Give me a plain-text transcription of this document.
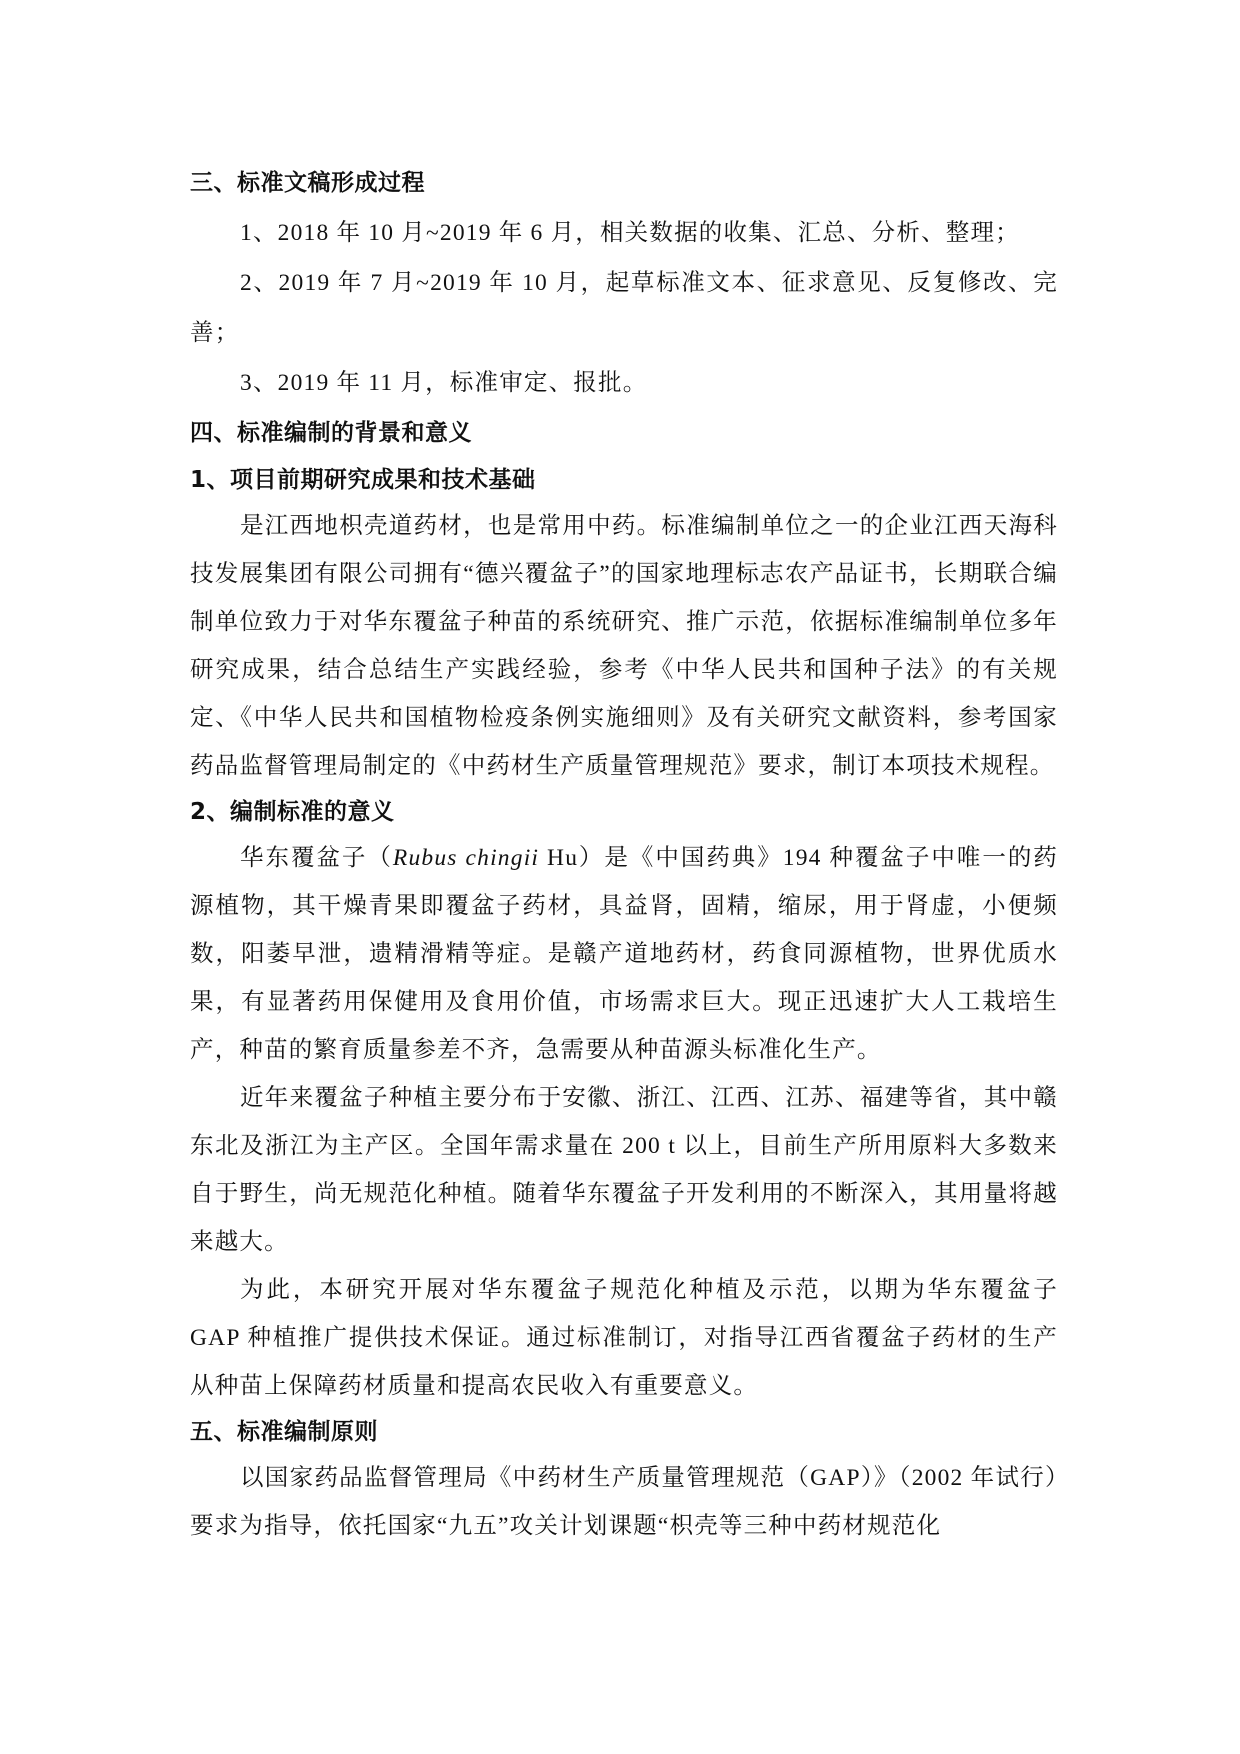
三、标准文稿形成过程

1、2018 年 10 月~2019 年 6 月，相关数据的收集、汇总、分析、整理；

2、2019 年 7 月~2019 年 10 月，起草标准文本、征求意见、反复修改、完善；

3、2019 年 11 月，标准审定、报批。

四、标准编制的背景和意义

1、项目前期研究成果和技术基础

是江西地枳壳道药材，也是常用中药。标准编制单位之一的企业江西天海科技发展集团有限公司拥有“德兴覆盆子”的国家地理标志农产品证书，长期联合编制单位致力于对华东覆盆子种苗的系统研究、推广示范，依据标准编制单位多年研究成果，结合总结生产实践经验，参考《中华人民共和国种子法》的有关规定、《中华人民共和国植物检疫条例实施细则》及有关研究文献资料，参考国家药品监督管理局制定的《中药材生产质量管理规范》要求，制订本项技术规程。

2、编制标准的意义

华东覆盆子（Rubus chingii Hu）是《中国药典》194 种覆盆子中唯一的药源植物，其干燥青果即覆盆子药材，具益肾，固精，缩尿，用于肾虚，小便频数，阳萎早泄，遗精滑精等症。是赣产道地药材，药食同源植物，世界优质水果，有显著药用保健用及食用价值，市场需求巨大。现正迅速扩大人工栽培生产，种苗的繁育质量参差不齐，急需要从种苗源头标准化生产。

近年来覆盆子种植主要分布于安徽、浙江、江西、江苏、福建等省，其中赣东北及浙江为主产区。全国年需求量在 200 t 以上，目前生产所用原料大多数来自于野生，尚无规范化种植。随着华东覆盆子开发利用的不断深入，其用量将越来越大。

为此，本研究开展对华东覆盆子规范化种植及示范，以期为华东覆盆子 GAP 种植推广提供技术保证。通过标准制订，对指导江西省覆盆子药材的生产从种苗上保障药材质量和提高农民收入有重要意义。

五、标准编制原则

以国家药品监督管理局《中药材生产质量管理规范（GAP）》（2002 年试行）要求为指导，依托国家“九五”攻关计划课题“枳壳等三种中药材规范化
